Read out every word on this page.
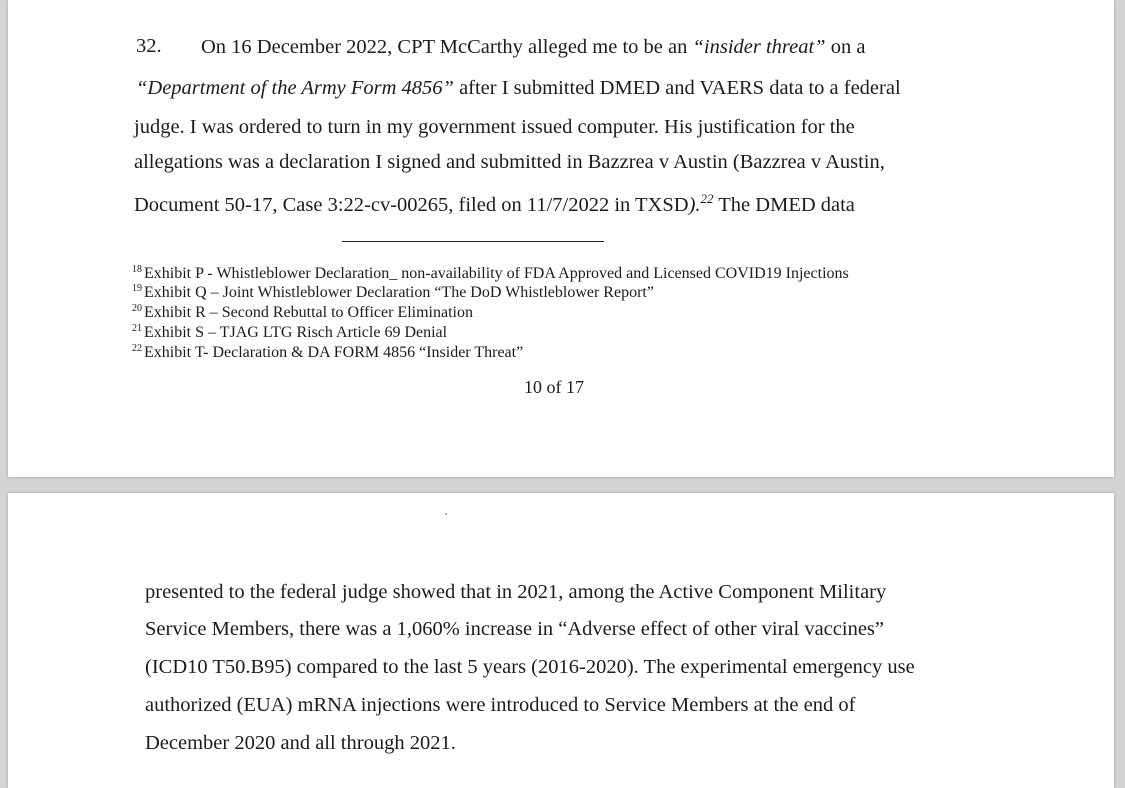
32. On 16 December 2022, CPT McCarthy alleged me to be an “insider threat” on a
“Department of the Army Form 4856” after I submitted DMED and VAERS data to a federal
judge. I was ordered to turn in my government issued computer. His justification for the
allegations was a declaration I signed and submitted in Bazzrea v Austin (Bazzrea v Austin,
Document 50-17, Case 3:22-cv-00265, filed on 11/7/2022 in TXSD).$^{22}$ The DMED data
$^{18}$ Exhibit P - Whistleblower Declaration_ non-availability of FDA Approved and Licensed COVID19 Injections
$^{19}$ Exhibit Q – Joint Whistleblower Declaration “The DoD Whistleblower Report”
$^{20}$ Exhibit R – Second Rebuttal to Officer Elimination
$^{21}$ Exhibit S – TJAG LTG Risch Article 69 Denial
$^{22}$ Exhibit T- Declaration & DA FORM 4856 “Insider Threat”
10 of 17
presented to the federal judge showed that in 2021, among the Active Component Military
Service Members, there was a 1,060% increase in “Adverse effect of other viral vaccines”
(ICD10 T50.B95) compared to the last 5 years (2016-2020). The experimental emergency use
authorized (EUA) mRNA injections were introduced to Service Members at the end of
December 2020 and all through 2021.
